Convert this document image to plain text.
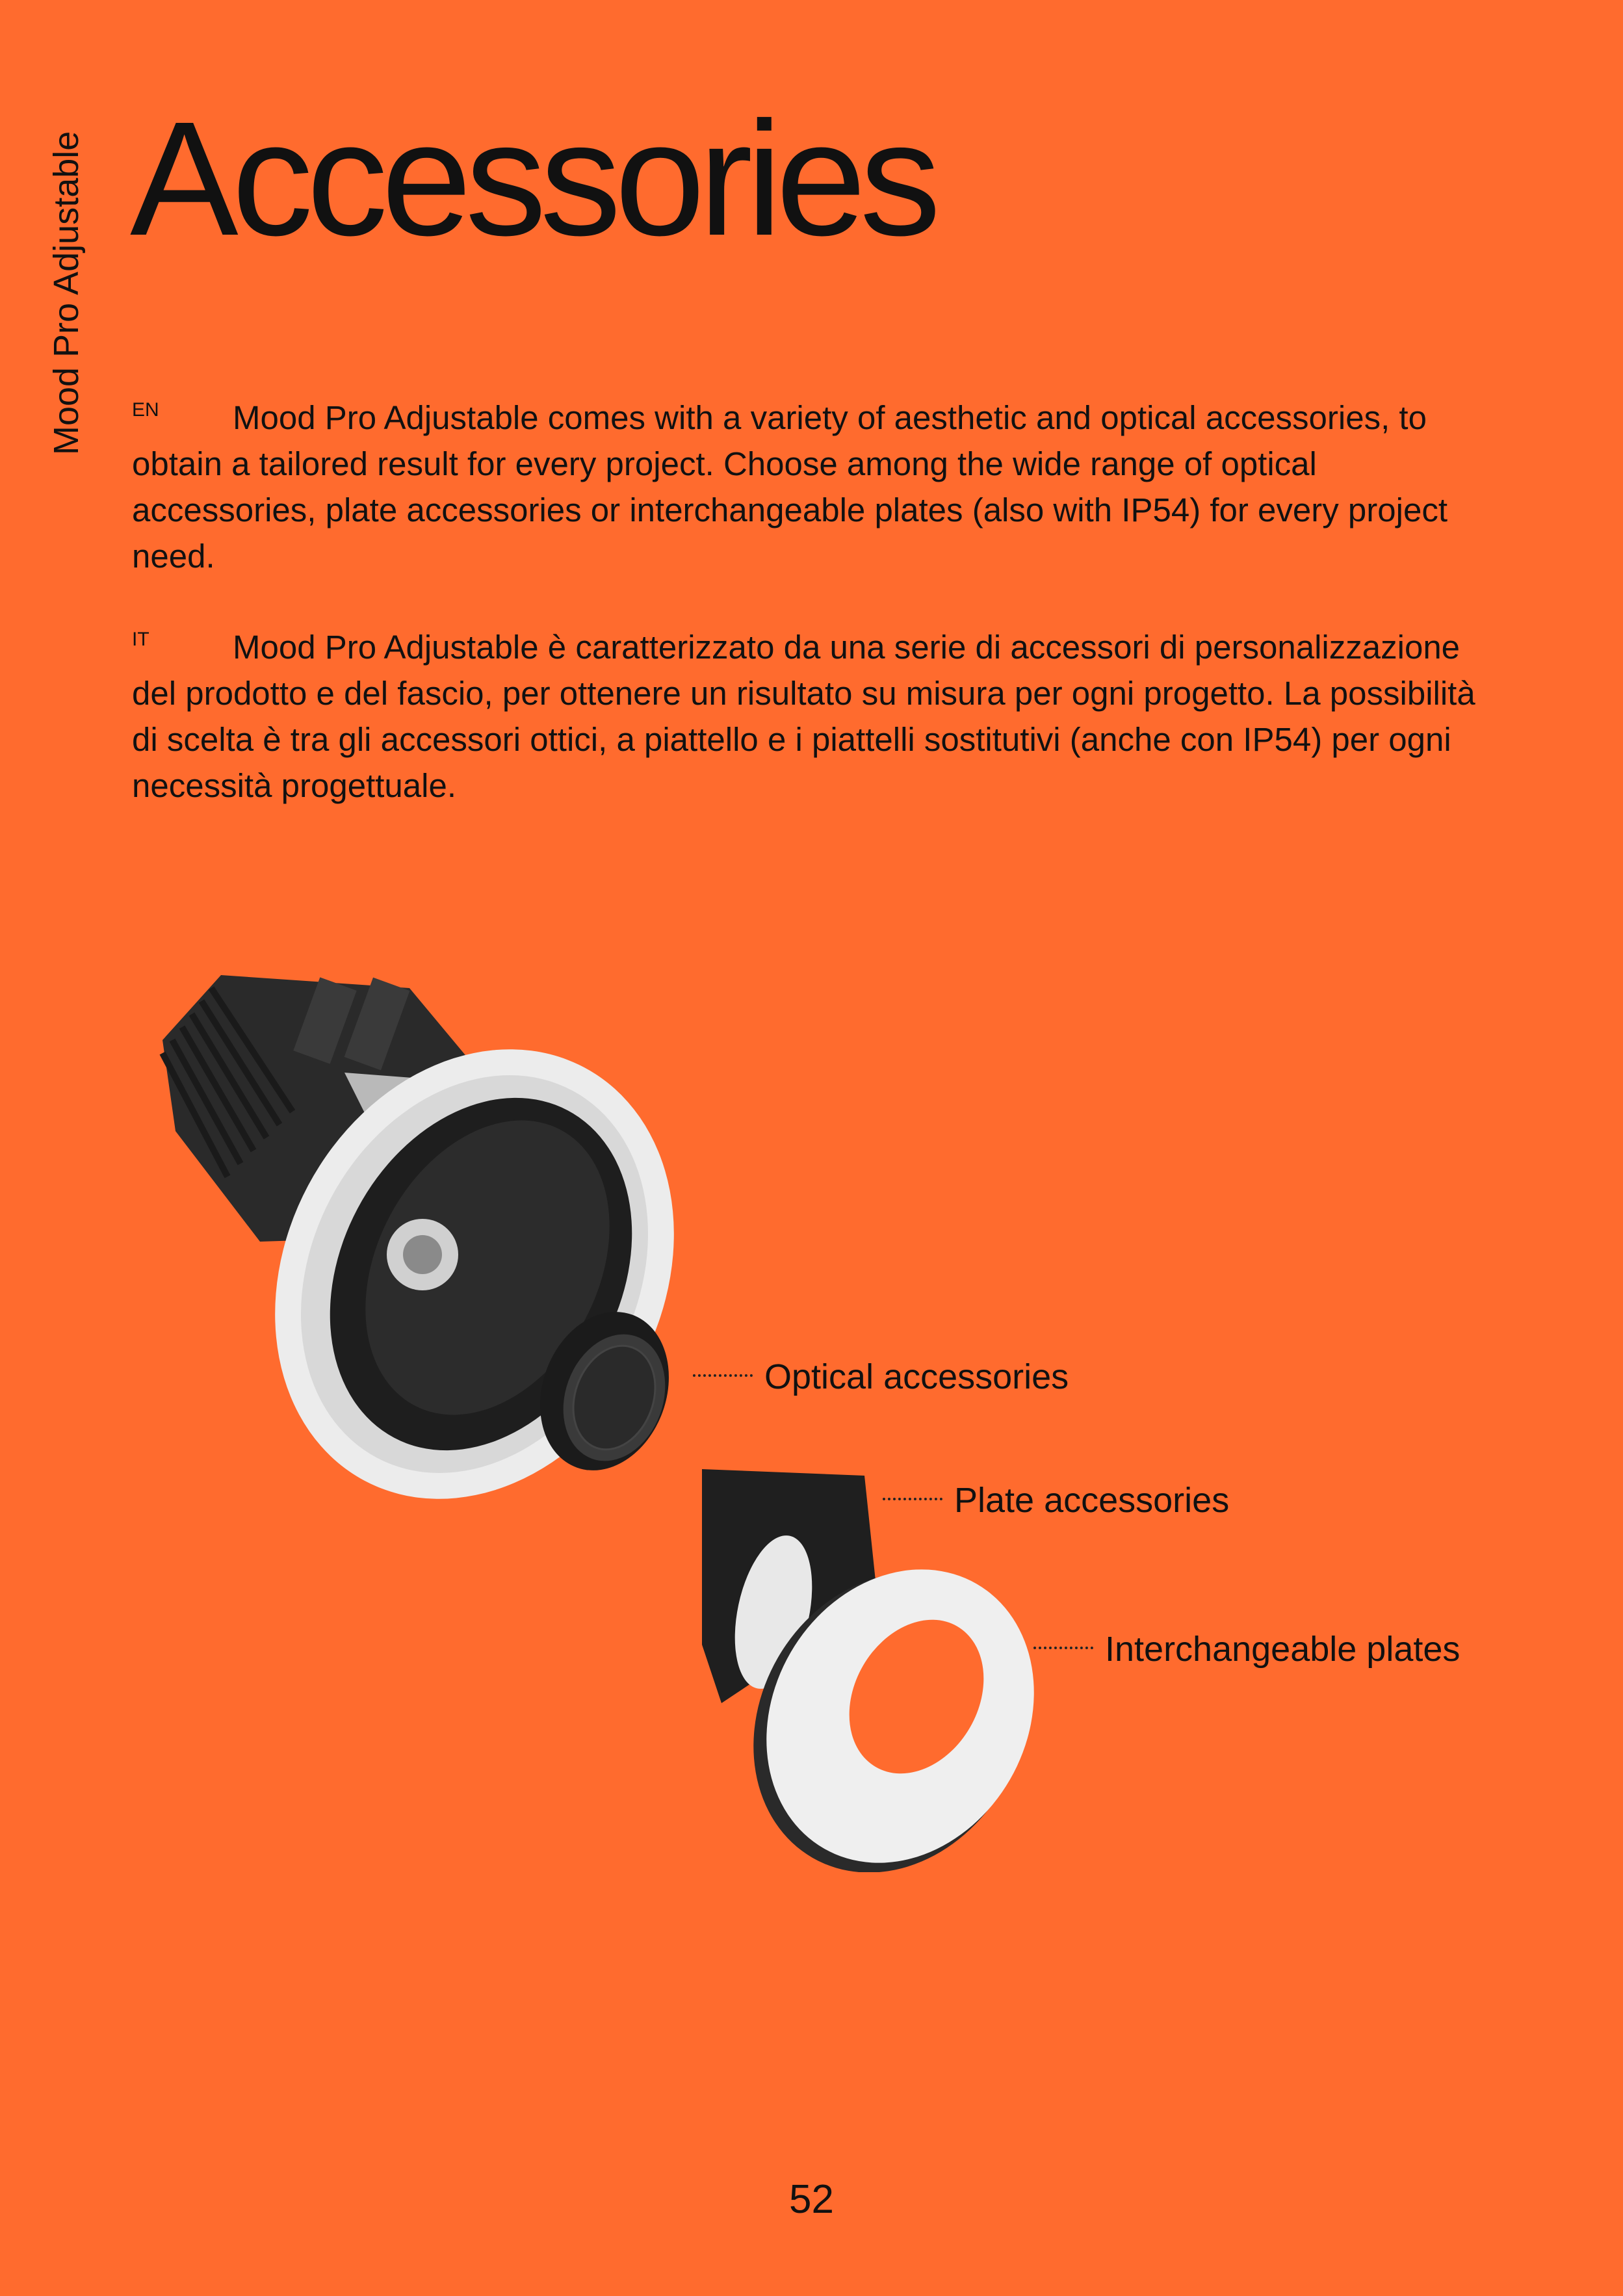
Mood Pro Adjustable Accessories
EN Mood Pro Adjustable comes with a variety of aesthetic and optical accessories, to obtain a tailored result for every project. Choose among the wide range of optical accessories, plate accessories or interchangeable plates (also with IP54) for every project need.
IT	Mood Pro Adjustable è caratterizzato da una serie di accessori di personalizzazione del prodotto e del fascio, per ottenere un risultato su misura per ogni progetto. La possibilità di scelta è tra gli accessori ottici, a piattello e i piattelli sostitutivi (anche con IP54) per ogni necessità progettuale.
Optical accessories
Plate accessories
Interchangeable plates
52
